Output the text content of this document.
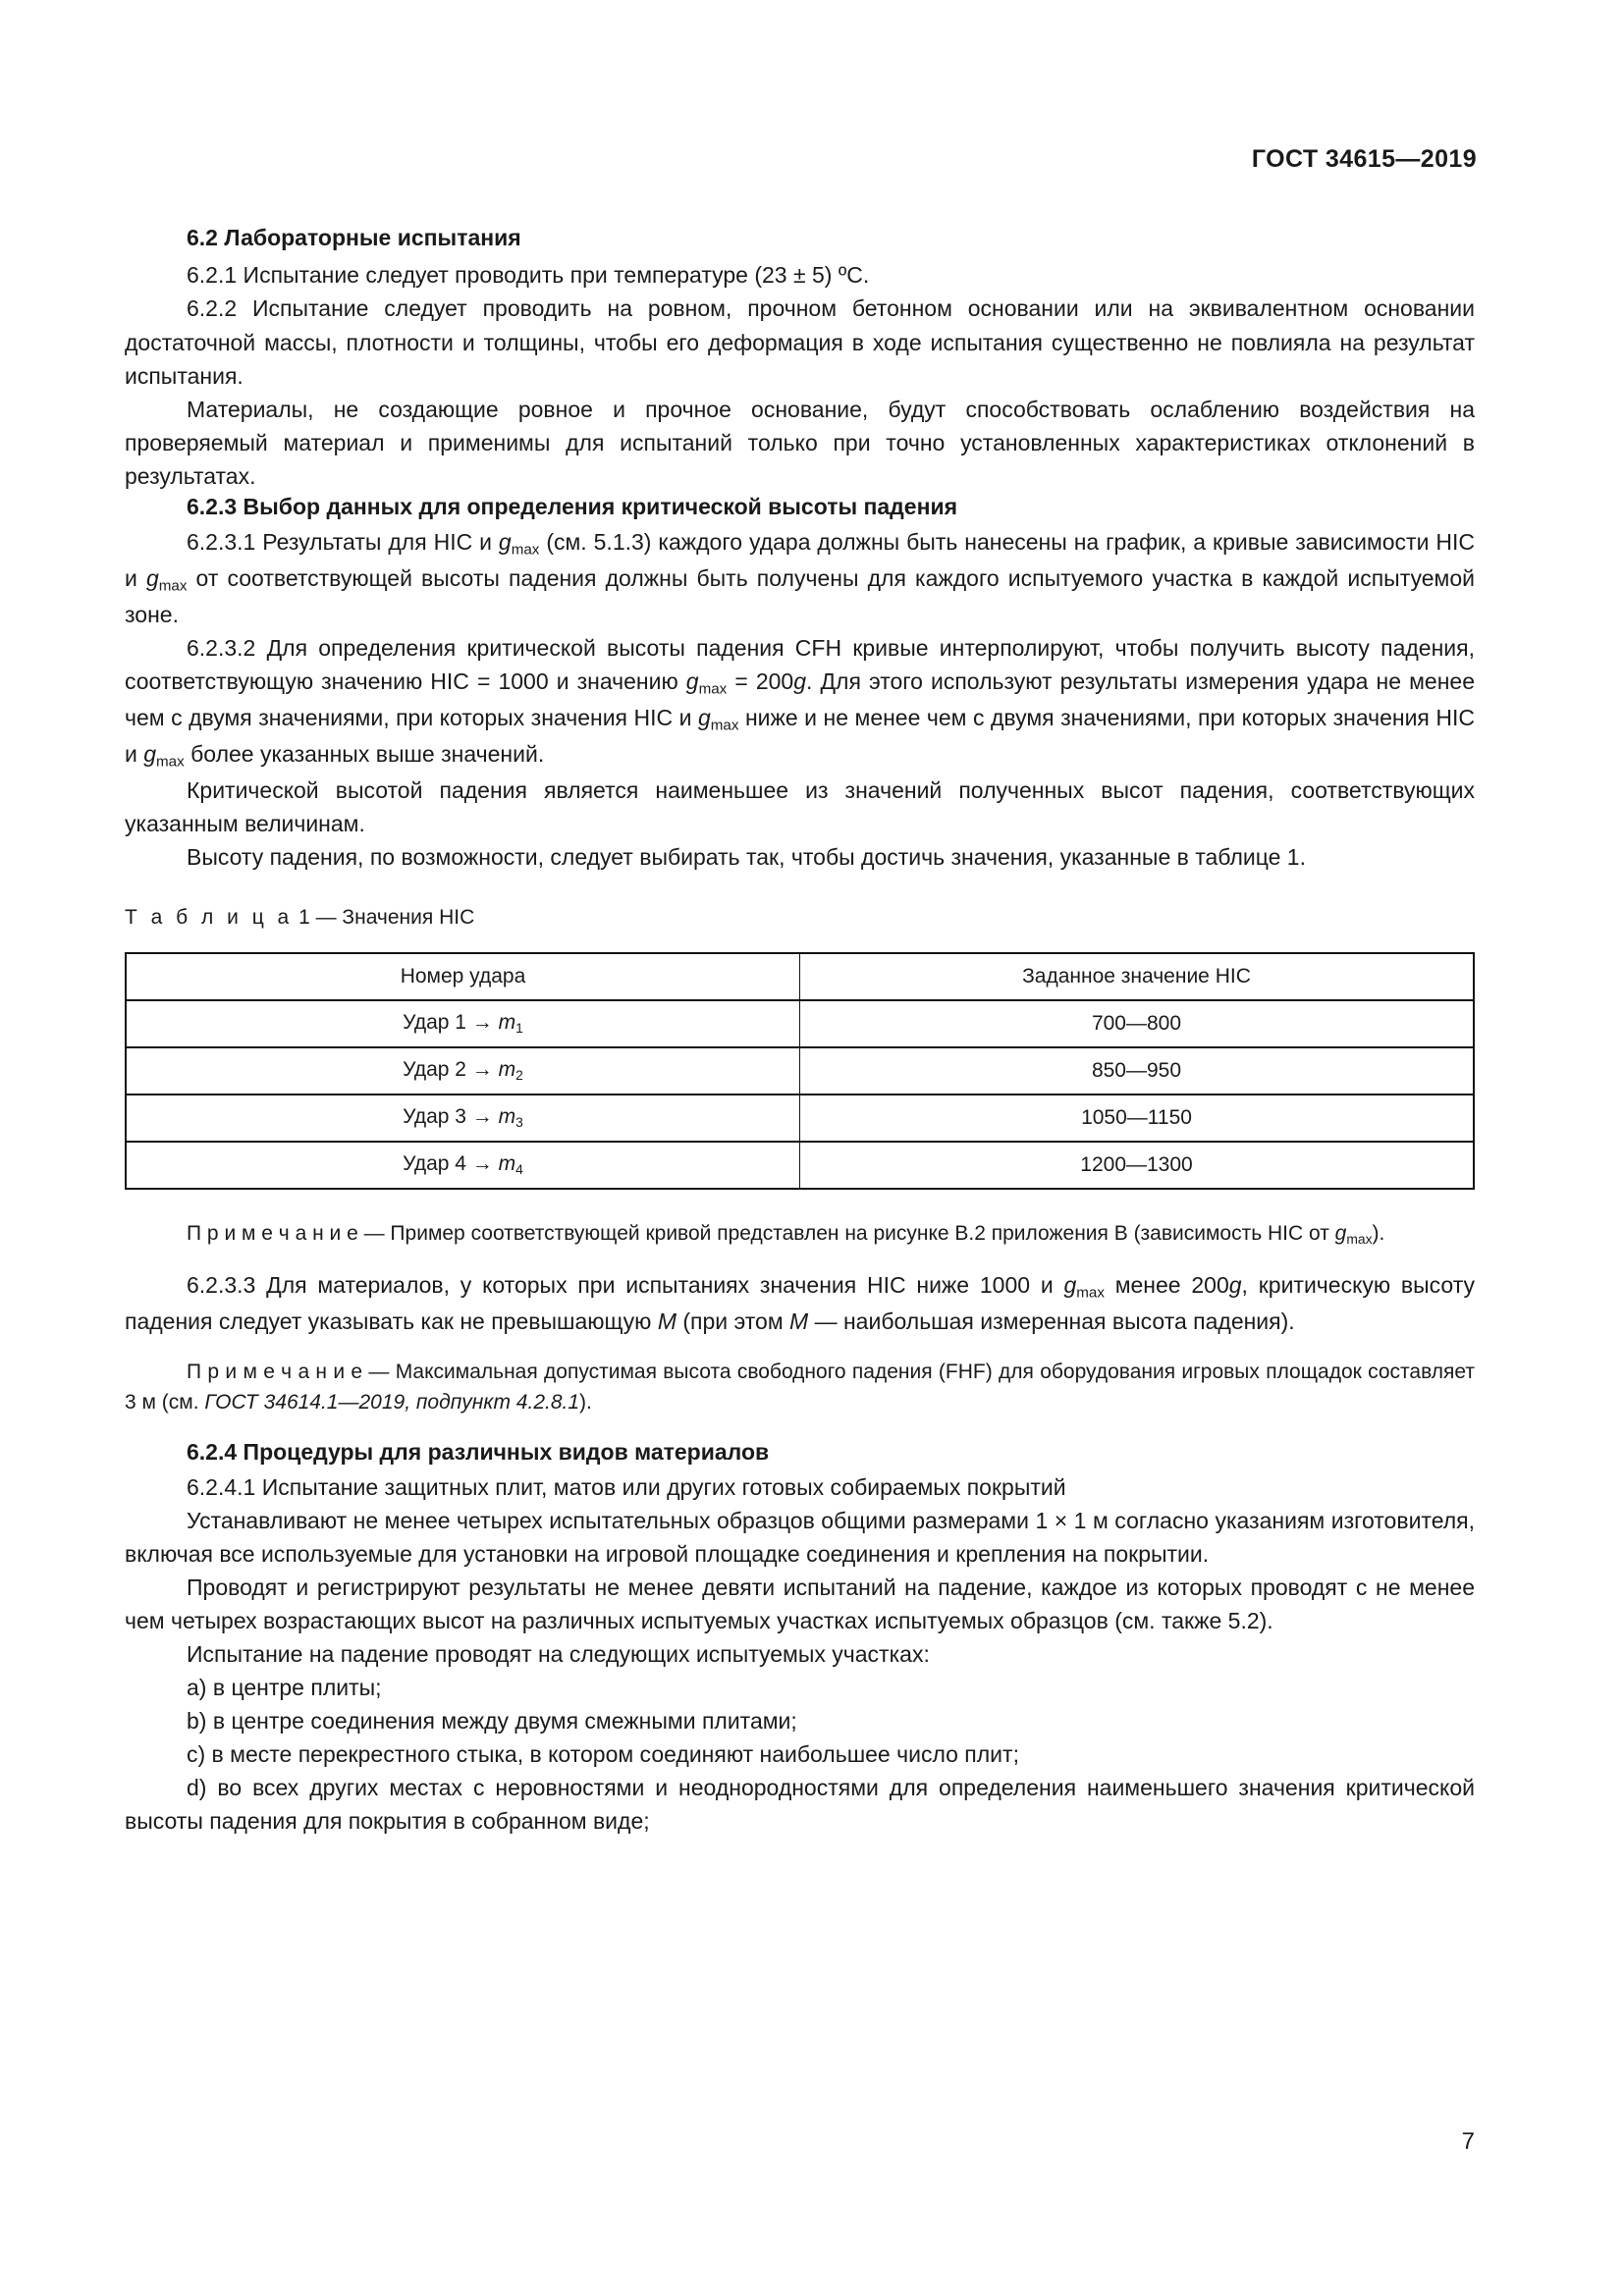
ГОСТ 34615—2019
6.2 Лабораторные испытания

6.2.1 Испытание следует проводить при температуре (23 ± 5) ºС.

6.2.2 Испытание следует проводить на ровном, прочном бетонном основании или на эквивалентном основании достаточной массы, плотности и толщины, чтобы его деформация в ходе испытания существенно не повлияла на результат испытания.

Материалы, не создающие ровное и прочное основание, будут способствовать ослаблению воздействия на проверяемый материал и применимы для испытаний только при точно установленных характеристиках отклонений в результатах.

6.2.3 Выбор данных для определения критической высоты падения

6.2.3.1 Результаты для HIC и $g_{max}$ (см. 5.1.3) каждого удара должны быть нанесены на график, а кривые зависимости HIC и $g_{max}$ от соответствующей высоты падения должны быть получены для каждого испытуемого участка в каждой испытуемой зоне.

6.2.3.2 Для определения критической высоты падения CFH кривые интерполируют, чтобы получить высоту падения, соответствующую значению HIC = 1000 и значению $g_{max} = 200g$. Для этого используют результаты измерения удара не менее чем с двумя значениями, при которых значения HIC и $g_{max}$ ниже и не менее чем с двумя значениями, при которых значения HIC и $g_{max}$ более указанных выше значений.

Критической высотой падения является наименьшее из значений полученных высот падения, соответствующих указанным величинам.

Высоту падения, по возможности, следует выбирать так, чтобы достичь значения, указанные в таблице 1.

Т а б л и ц а 1 — Значения HIC

Номер удара	Заданное значение HIC
Удар $1 \to m_1$	700—800
Удар $2 \to m_2$	850—950
Удар $3 \to m_3$	1050—1150
Удар $4 \to m_4$	1200—1300

П р и м е ч а н и е — Пример соответствующей кривой представлен на рисунке В.2 приложения В (зависимость HIC от $g_{max}$).

6.2.3.3 Для материалов, у которых при испытаниях значения HIC ниже 1000 и $g_{max}$ менее 200g, критическую высоту падения следует указывать как не превышающую M (при этом M — наибольшая измеренная высота падения).

П р и м е ч а н и е — Максимальная допустимая высота свободного падения (FHF) для оборудования игровых площадок составляет 3 м (см. ГОСТ 34614.1—2019, подпункт 4.2.8.1).

6.2.4 Процедуры для различных видов материалов

6.2.4.1 Испытание защитных плит, матов или других готовых собираемых покрытий

Устанавливают не менее четырех испытательных образцов общими размерами 1 × 1 м согласно указаниям изготовителя, включая все используемые для установки на игровой площадке соединения и крепления на покрытии.

Проводят и регистрируют результаты не менее девяти испытаний на падение, каждое из которых проводят с не менее чем четырех возрастающих высот на различных испытуемых участках испытуемых образцов (см. также 5.2).

Испытание на падение проводят на следующих испытуемых участках:

a) в центре плиты;

b) в центре соединения между двумя смежными плитами;

c) в месте перекрестного стыка, в котором соединяют наибольшее число плит;

d) во всех других местах с неровностями и неоднородностями для определения наименьшего значения критической высоты падения для покрытия в собранном виде;

7
